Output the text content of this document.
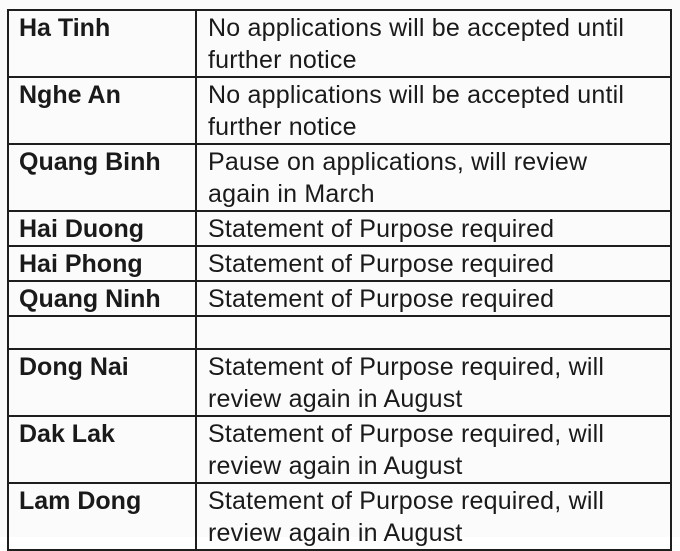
Ha Tinh	No applications will be accepted until
further notice
Nghe An	No applications will be accepted until
further notice
Quang Binh	Pause on applications, will review
again in March
Hai Duong	Statement of Purpose required
Hai Phong	Statement of Purpose required
Quang Ninh	Statement of Purpose required

Dong Nai	Statement of Purpose required, will
review again in August
Dak Lak	Statement of Purpose required, will
review again in August
Lam Dong	Statement of Purpose required, will
review again in August
